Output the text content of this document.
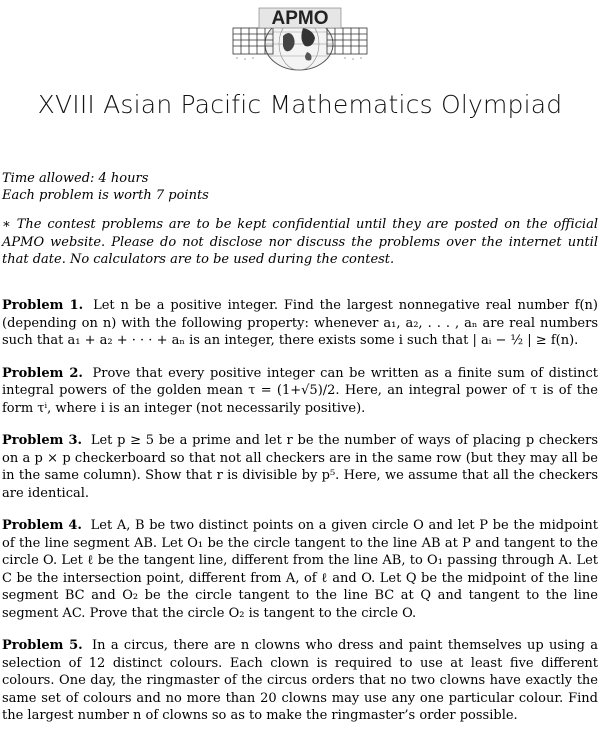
APMO
XVIII Asian Pacific Mathematics Olympiad
Time allowed: 4 hours
Each problem is worth 7 points
∗ The contest problems are to be kept confidential until they are posted on the official APMO website. Please do not disclose nor discuss the problems over the internet until that date. No calculators are to be used during the contest.

Problem 1. Let n be a positive integer. Find the largest nonnegative real number f(n) (depending on n) with the following property: whenever a₁, a₂, . . . , aₙ are real numbers such that a₁ + a₂ + · · · + aₙ is an integer, there exists some i such that | aᵢ − ½ | ≥ f(n).

Problem 2. Prove that every positive integer can be written as a finite sum of distinct integral powers of the golden mean τ = (1+√5)/2. Here, an integral power of τ is of the form τⁱ, where i is an integer (not necessarily positive).

Problem 3. Let p ≥ 5 be a prime and let r be the number of ways of placing p checkers on a p × p checkerboard so that not all checkers are in the same row (but they may all be in the same column). Show that r is divisible by p⁵. Here, we assume that all the checkers are identical.

Problem 4. Let A, B be two distinct points on a given circle O and let P be the midpoint of the line segment AB. Let O₁ be the circle tangent to the line AB at P and tangent to the circle O. Let ℓ be the tangent line, different from the line AB, to O₁ passing through A. Let C be the intersection point, different from A, of ℓ and O. Let Q be the midpoint of the line segment BC and O₂ be the circle tangent to the line BC at Q and tangent to the line segment AC. Prove that the circle O₂ is tangent to the circle O.

Problem 5. In a circus, there are n clowns who dress and paint themselves up using a selection of 12 distinct colours. Each clown is required to use at least five different colours. One day, the ringmaster of the circus orders that no two clowns have exactly the same set of colours and no more than 20 clowns may use any one particular colour. Find the largest number n of clowns so as to make the ringmaster’s order possible.
